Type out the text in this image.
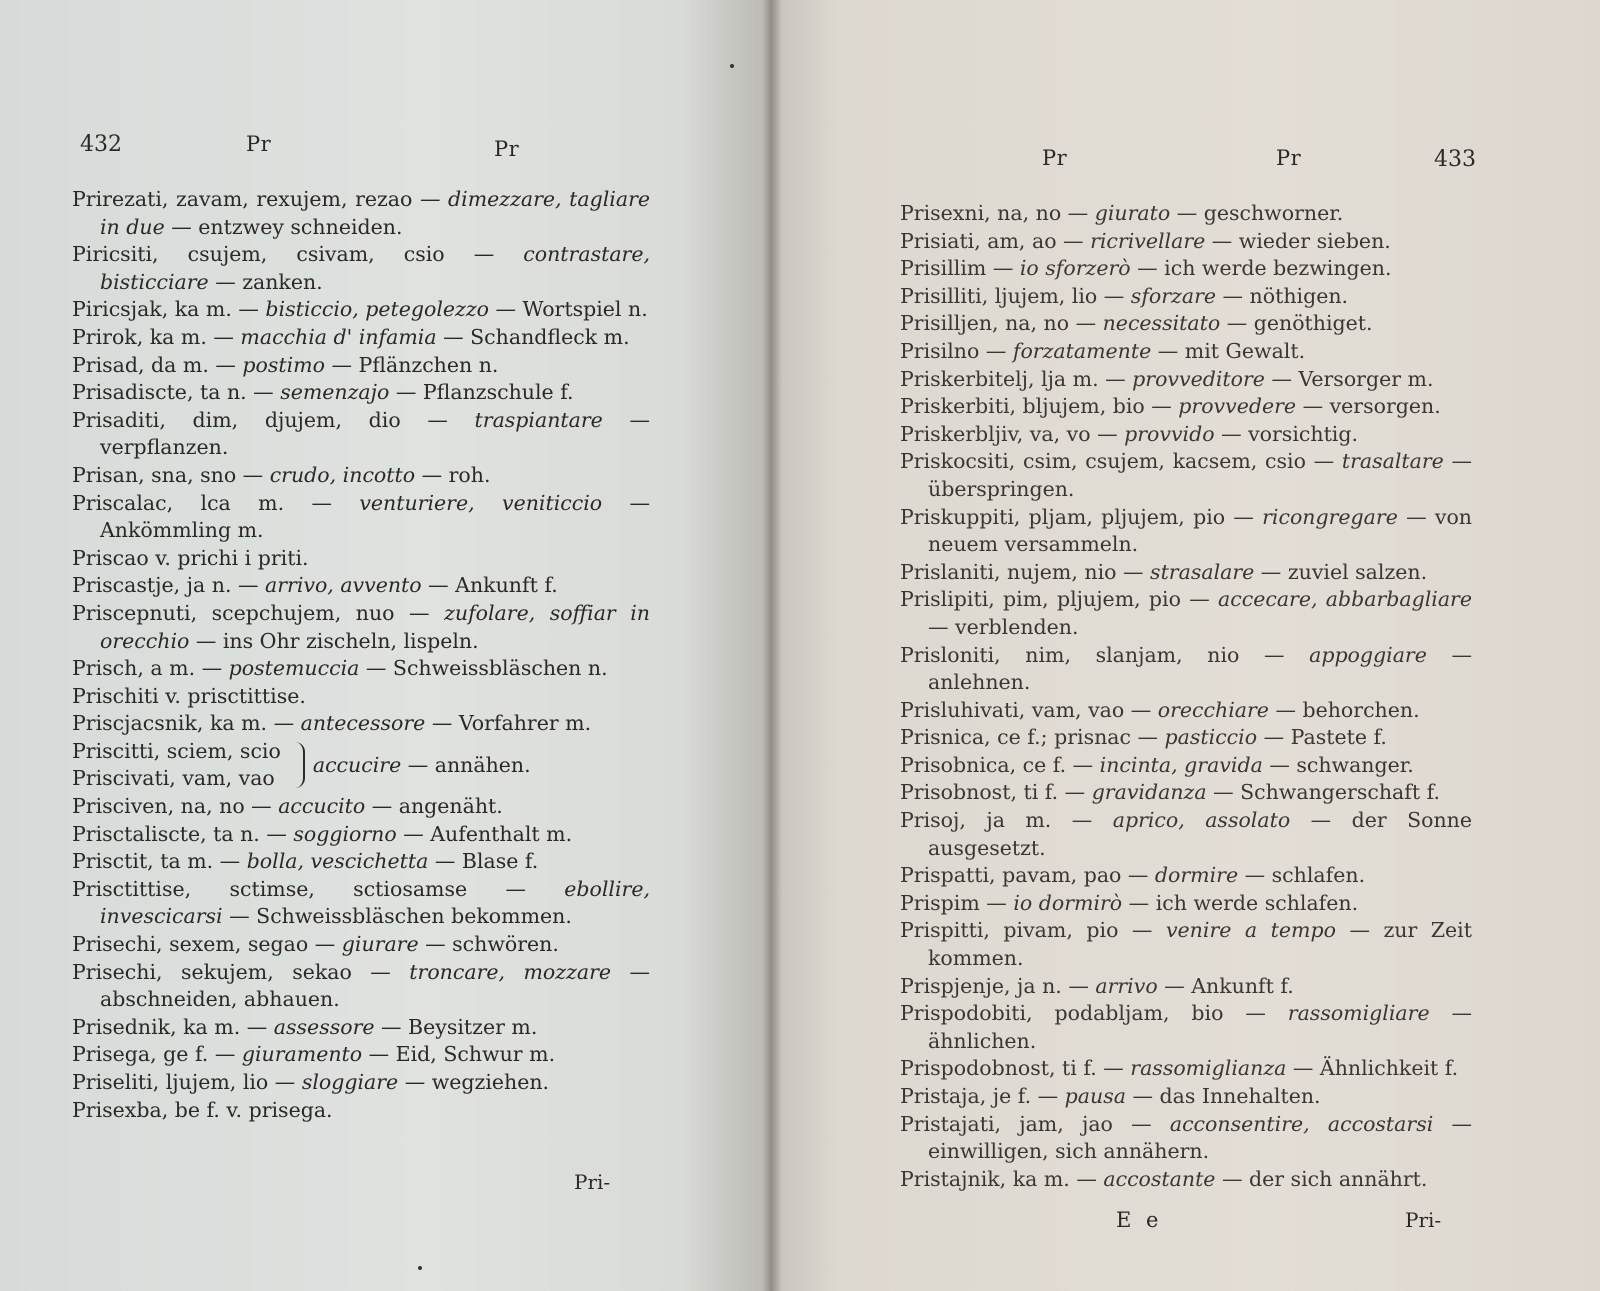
432	Pr	Pr

Prirezati, zavam, rexujem, rezao — dimezzare, tagliare in due — entzwey schneiden.

Piricsiti, csujem, csivam, csio — contrastare, bisticciare — zanken.

Piricsjak, ka m. — bisticcio, petegolezzo — Wortspiel n.

Prirok, ka m. — macchia d' infamia — Schandfleck m.

Prisad, da m. — postimo — Pflänzchen n.

Prisadiscte, ta n. — semenzajo — Pflanzschule f.

Prisaditi, dim, djujem, dio — traspiantare — verpflanzen.

Prisan, sna, sno — crudo, incotto — roh.

Priscalac, lca m. — venturiere, veniticcio — Ankömmling m.

Priscao v. prichi i priti.

Priscastje, ja n. — arrivo, avvento — Ankunft f.

Priscepnuti, scepchujem, nuo — zufolare, soffiar in orecchio — ins Ohr zischeln, lispeln.

Prisch, a m. — postemuccia — Schweissbläschen n.

Prischiti v. prisctittise.

Priscjacsnik, ka m. — antecessore — Vorfahrer m.

Priscitti, sciem, scio
Priscivati, vam, vao
accucire — annähen.

Prisciven, na, no — accucito — angenäht.

Prisctaliscte, ta n. — soggiorno — Aufenthalt m.

Prisctit, ta m. — bolla, vescichetta — Blase f.

Prisctittise, sctimse, sctiosamse — ebollire, invescicarsi — Schweissbläschen bekommen.

Prisechi, sexem, segao — giurare — schwören.

Prisechi, sekujem, sekao — troncare, mozzare — abschneiden, abhauen.

Prisednik, ka m. — assessore — Beysitzer m.

Prisega, ge f. — giuramento — Eid, Schwur m.

Priseliti, ljujem, lio — sloggiare — wegziehen.

Prisexba, be f. v. prisega.

Pri-
Pr	Pr	433

Prisexni, na, no — giurato — geschworner.

Prisiati, am, ao — ricrivellare — wieder sieben.

Prisillim — io sforzerò — ich werde bezwingen.

Prisilliti, ljujem, lio — sforzare — nöthigen.

Prisilljen, na, no — necessitato — genöthiget.

Prisilno — forzatamente — mit Gewalt.

Priskerbitelj, lja m. — provveditore — Versorger m.

Priskerbiti, bljujem, bio — provvedere — versorgen.

Priskerbljiv, va, vo — provvido — vorsichtig.

Priskocsiti, csim, csujem, kacsem, csio — trasaltare — überspringen.

Priskuppiti, pljam, pljujem, pio — ricongregare — von neuem versammeln.

Prislaniti, nujem, nio — strasalare — zuviel salzen.

Prislipiti, pim, pljujem, pio — accecare, abbarbagliare — verblenden.

Prisloniti, nim, slanjam, nio — appoggiare — anlehnen.

Prisluhivati, vam, vao — orecchiare — behorchen.

Prisnica, ce f.; prisnac — pasticcio — Pastete f.

Prisobnica, ce f. — incinta, gravida — schwanger.

Prisobnost, ti f. — gravidanza — Schwangerschaft f.

Prisoj, ja m. — aprico, assolato — der Sonne ausgesetzt.

Prispatti, pavam, pao — dormire — schlafen.

Prispim — io dormirò — ich werde schlafen.

Prispitti, pivam, pio — venire a tempo — zur Zeit kommen.

Prispjenje, ja n. — arrivo — Ankunft f.

Prispodobiti, podabljam, bio — rassomigliare — ähnlichen.

Prispodobnost, ti f. — rassomiglianza — Ähnlichkeit f.

Pristaja, je f. — pausa — das Innehalten.

Pristajati, jam, jao — acconsentire, accostarsi — einwilligen, sich annähern.

Pristajnik, ka m. — accostante — der sich annährt.

E e	Pri-
